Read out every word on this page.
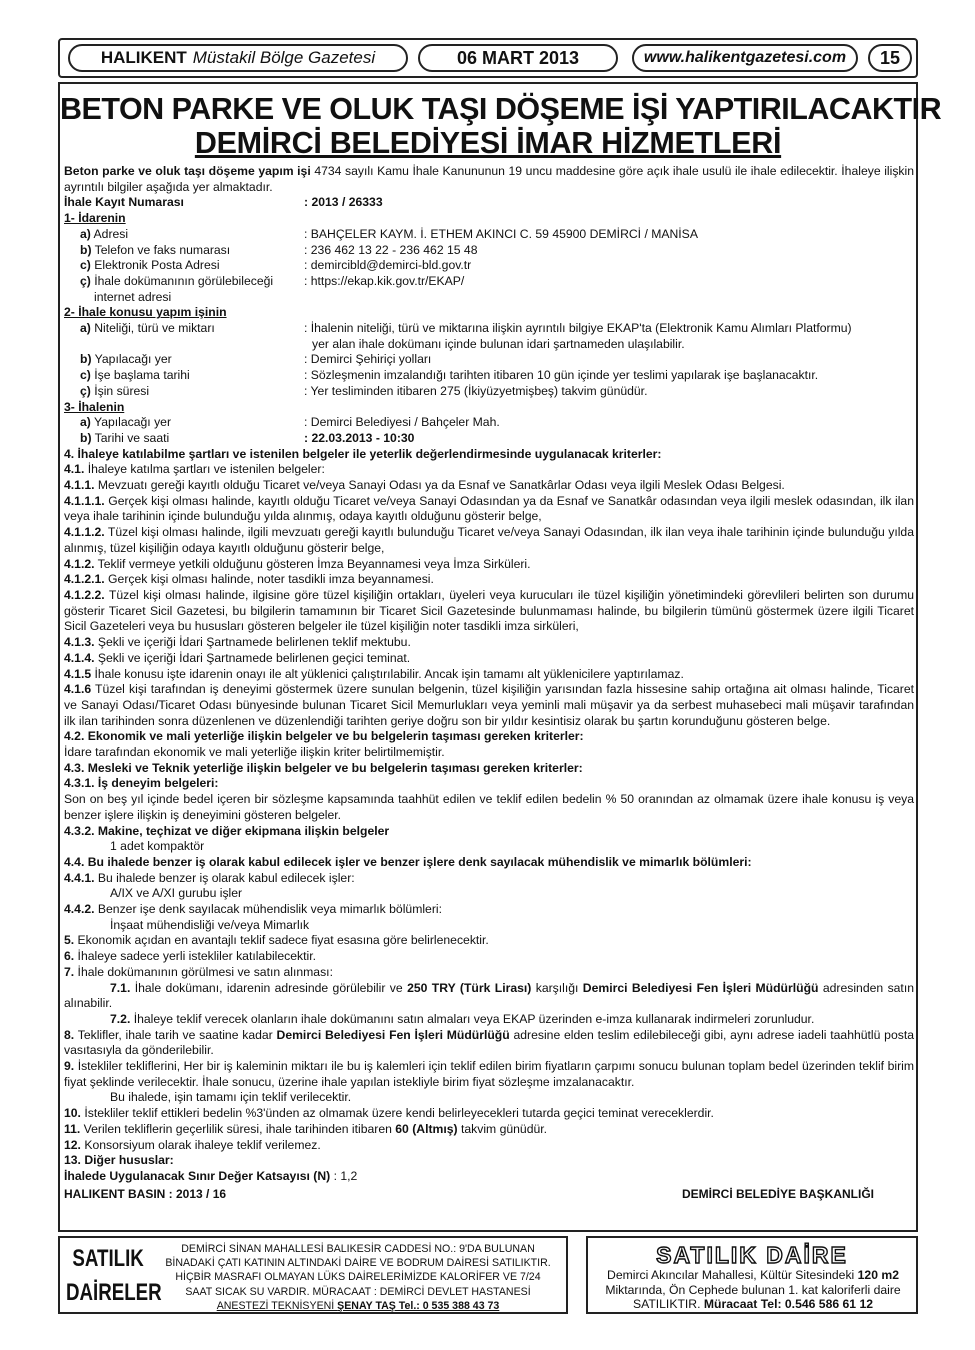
HALIKENT Müstakil Bölge Gazetesi	06 MART 2013	www.halikentgazetesi.com	15
BETON PARKE VE OLUK TAŞI DÖŞEME İŞİ YAPTIRILACAKTIR
DEMİRCİ BELEDİYESİ İMAR HİZMETLERİ

Beton parke ve oluk taşı döşeme yapım işi 4734 sayılı Kamu İhale Kanununun 19 uncu maddesine göre açık ihale usulü ile ihale edilecektir. İhaleye ilişkin ayrıntılı bilgiler aşağıda yer almaktadır.

İhale Kayıt Numarası	: 2013 / 26333
1- İdarenin
a) Adresi	: BAHÇELER KAYM. İ. ETHEM AKINCI C. 59 45900 DEMİRCİ / MANİSA
b) Telefon ve faks numarası	: 236 462 13 22 - 236 462 15 48
c) Elektronik Posta Adresi	: demircibld@demirci-bld.gov.tr
ç) İhale dokümanının görülebileceği	: https://ekap.kik.gov.tr/EKAP/
internet adresi
2- İhale konusu yapım işinin
a) Niteliği, türü ve miktarı	: İhalenin niteliği, türü ve miktarına ilişkin ayrıntılı bilgiye EKAP'ta (Elektronik Kamu Alımları Platformu)
yer alan ihale dokümanı içinde bulunan idari şartnameden ulaşılabilir.
b) Yapılacağı yer	: Demirci Şehiriçi yolları
c) İşe başlama tarihi	: Sözleşmenin imzalandığı tarihten itibaren 10 gün içinde yer teslimi yapılarak işe başlanacaktır.
ç) İşin süresi	: Yer tesliminden itibaren 275 (İkiyüzyetmişbeş) takvim günüdür.
3- İhalenin
a) Yapılacağı yer	: Demirci Belediyesi / Bahçeler Mah.
b) Tarihi ve saati	: 22.03.2013 - 10:30

4. İhaleye katılabilme şartları ve istenilen belgeler ile yeterlik değerlendirmesinde uygulanacak kriterler:

4.1. İhaleye katılma şartları ve istenilen belgeler:

4.1.1. Mevzuatı gereği kayıtlı olduğu Ticaret ve/veya Sanayi Odası ya da Esnaf ve Sanatkârlar Odası veya ilgili Meslek Odası Belgesi.

4.1.1.1. Gerçek kişi olması halinde, kayıtlı olduğu Ticaret ve/veya Sanayi Odasından ya da Esnaf ve Sanatkâr odasından veya ilgili meslek odasından, ilk ilan veya ihale tarihinin içinde bulunduğu yılda alınmış, odaya kayıtlı olduğunu gösterir belge,

4.1.1.2. Tüzel kişi olması halinde, ilgili mevzuatı gereği kayıtlı bulunduğu Ticaret ve/veya Sanayi Odasından, ilk ilan veya ihale tarihinin içinde bulunduğu yılda alınmış, tüzel kişiliğin odaya kayıtlı olduğunu gösterir belge,

4.1.2. Teklif vermeye yetkili olduğunu gösteren İmza Beyannamesi veya İmza Sirküleri.

4.1.2.1. Gerçek kişi olması halinde, noter tasdikli imza beyannamesi.

4.1.2.2. Tüzel kişi olması halinde, ilgisine göre tüzel kişiliğin ortakları, üyeleri veya kurucuları ile tüzel kişiliğin yönetimindeki görevlileri belirten son durumu gösterir Ticaret Sicil Gazetesi, bu bilgilerin tamamının bir Ticaret Sicil Gazetesinde bulunmaması halinde, bu bilgilerin tümünü göstermek üzere ilgili Ticaret Sicil Gazeteleri veya bu hususları gösteren belgeler ile tüzel kişiliğin noter tasdikli imza sirküleri,

4.1.3. Şekli ve içeriği İdari Şartnamede belirlenen teklif mektubu.

4.1.4. Şekli ve içeriği İdari Şartnamede belirlenen geçici teminat.

4.1.5 İhale konusu işte idarenin onayı ile alt yüklenici çalıştırılabilir. Ancak işin tamamı alt yüklenicilere yaptırılamaz.

4.1.6 Tüzel kişi tarafından iş deneyimi göstermek üzere sunulan belgenin, tüzel kişiliğin yarısından fazla hissesine sahip ortağına ait olması halinde, Ticaret ve Sanayi Odası/Ticaret Odası bünyesinde bulunan Ticaret Sicil Memurlukları veya yeminli mali müşavir ya da serbest muhasebeci mali müşavir tarafından ilk ilan tarihinden sonra düzenlenen ve düzenlendiği tarihten geriye doğru son bir yıldır kesintisiz olarak bu şartın korunduğunu gösteren belge.

4.2. Ekonomik ve mali yeterliğe ilişkin belgeler ve bu belgelerin taşıması gereken kriterler:

İdare tarafından ekonomik ve mali yeterliğe ilişkin kriter belirtilmemiştir.

4.3. Mesleki ve Teknik yeterliğe ilişkin belgeler ve bu belgelerin taşıması gereken kriterler:

4.3.1. İş deneyim belgeleri:

Son on beş yıl içinde bedel içeren bir sözleşme kapsamında taahhüt edilen ve teklif edilen bedelin % 50 oranından az olmamak üzere ihale konusu iş veya benzer işlere ilişkin iş deneyimini gösteren belgeler.

4.3.2. Makine, teçhizat ve diğer ekipmana ilişkin belgeler

1 adet kompaktör

4.4. Bu ihalede benzer iş olarak kabul edilecek işler ve benzer işlere denk sayılacak mühendislik ve mimarlık bölümleri:

4.4.1. Bu ihalede benzer iş olarak kabul edilecek işler:

A/IX ve A/XI gurubu işler

4.4.2. Benzer işe denk sayılacak mühendislik veya mimarlık bölümleri:

İnşaat mühendisliği ve/veya Mimarlık

5. Ekonomik açıdan en avantajlı teklif sadece fiyat esasına göre belirlenecektir.

6. İhaleye sadece yerli istekliler katılabilecektir.

7. İhale dokümanının görülmesi ve satın alınması:

7.1. İhale dokümanı, idarenin adresinde görülebilir ve 250 TRY (Türk Lirası) karşılığı Demirci Belediyesi Fen İşleri Müdürlüğü adresinden satın alınabilir.

7.2. İhaleye teklif verecek olanların ihale dokümanını satın almaları veya EKAP üzerinden e-imza kullanarak indirmeleri zorunludur.

8. Teklifler, ihale tarih ve saatine kadar Demirci Belediyesi Fen İşleri Müdürlüğü adresine elden teslim edilebileceği gibi, aynı adrese iadeli taahhütlü posta vasıtasıyla da gönderilebilir.

9. İstekliler tekliflerini, Her bir iş kaleminin miktarı ile bu iş kalemleri için teklif edilen birim fiyatların çarpımı sonucu bulunan toplam bedel üzerinden teklif birim fiyat şeklinde verilecektir. İhale sonucu, üzerine ihale yapılan istekliyle birim fiyat sözleşme imzalanacaktır.

Bu ihalede, işin tamamı için teklif verilecektir.

10. İstekliler teklif ettikleri bedelin %3'ünden az olmamak üzere kendi belirleyecekleri tutarda geçici teminat vereceklerdir.

11. Verilen tekliflerin geçerlilik süresi, ihale tarihinden itibaren 60 (Altmış) takvim günüdür.

12. Konsorsiyum olarak ihaleye teklif verilemez.

13. Diğer hususlar:

İhalede Uygulanacak Sınır Değer Katsayısı (N) : 1,2

HALIKENT BASIN : 2013 / 16	DEMİRCİ BELEDİYE BAŞKANLIĞI
SATILIK
DAİRELER
DEMİRCİ SİNAN MAHALLESİ BALIKESİR CADDESİ NO.: 9'DA BULUNAN
BİNADAKİ ÇATI KATININ ALTINDAKİ DAİRE VE BODRUM DAİRESİ SATILIKTIR.
HİÇBİR MASRAFI OLMAYAN LÜKS DAİRELERİMİZDE KALORİFER VE 7/24
SAAT SICAK SU VARDIR. MÜRACAAT : DEMİRCİ DEVLET HASTANESİ
ANESTEZİ TEKNİSYENİ ŞENAY TAŞ Tel.: 0 535 388 43 73
SATILIK DAİRE
Demirci Akıncılar Mahallesi, Kültür Sitesindeki 120 m2
Miktarında, Ön Cephede bulunan 1. kat kaloriferli daire
SATILIKTIR. Müracaat Tel: 0.546 586 61 12
